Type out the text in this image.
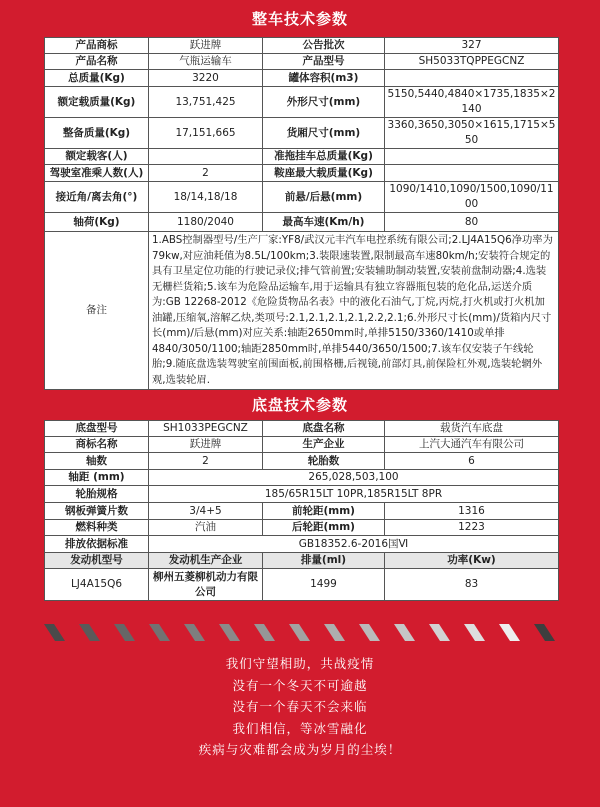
整车技术参数
产品商标	跃进牌	公告批次	327
产品名称	气瓶运输车	产品型号	SH5033TQPPEGCNZ
总质量(Kg)	3220	罐体容积(m3)	
额定载质量(Kg)	13,751,425	外形尺寸(mm)	5150,5440,4840×1735,1835×2140
整备质量(Kg)	17,151,665	货厢尺寸(mm)	3360,3650,3050×1615,1715×550
额定载客(人)		准拖挂车总质量(Kg)	
驾驶室准乘人数(人)	2	鞍座最大载质量(Kg)	
接近角/离去角(°)	18/14,18/18	前悬/后悬(mm)	1090/1410,1090/1500,1090/1100
轴荷(Kg)	1180/2040	最高车速(Km/h)	80
备注	1.ABS控制器型号/生产厂家:YF8/武汉元丰汽车电控系统有限公司;2.LJ4A15Q6净功率为79kw,对应油耗值为8.5L/100km;3.装限速装置,限制最高车速80km/h;安装符合规定的具有卫星定位功能的行驶记录仪;排气管前置;安装辅助制动装置,安装前盘制动器;4.选装无栅栏货箱;5.该车为危险品运输车,用于运输具有独立容器瓶包装的危化品,运送介质为:GB 12268-2012《危险货物品名表》中的液化石油气,丁烷,丙烷,打火机或打火机加油罐,压缩氧,溶解乙炔,类项号:2.1,2.1,2.1,2.1,2.2,2.1;6.外形尺寸长(mm)/货箱内尺寸长(mm)/后悬(mm)对应关系:轴距2650mm时,单排5150/3360/1410或单排4840/3050/1100;轴距2850mm时,单排5440/3650/1500;7.该车仅安装子午线轮胎;9.随底盘选装驾驶室前围面板,前围格栅,后视镜,前部灯具,前保险杠外观,选装轮辋外观,选装轮眉.		
底盘技术参数
底盘型号	SH1033PEGCNZ	底盘名称	载货汽车底盘
商标名称	跃进牌	生产企业	上汽大通汽车有限公司
轴数	2	轮胎数	6
轴距 (mm)	265,028,503,100		
轮胎规格	185/65R15LT 10PR,185R15LT 8PR		
钢板弹簧片数	3/4+5	前轮距(mm)	1316
燃料种类	汽油	后轮距(mm)	1223
排放依据标准	GB18352.6-2016国Ⅵ		
发动机型号	发动机生产企业	排量(ml)	功率(Kw)
LJ4A15Q6	柳州五菱柳机动力有限公司	1499	83
我们守望相助，共战疫情
没有一个冬天不可逾越
没有一个春天不会来临
我们相信，等冰雪融化
疾病与灾难都会成为岁月的尘埃！
